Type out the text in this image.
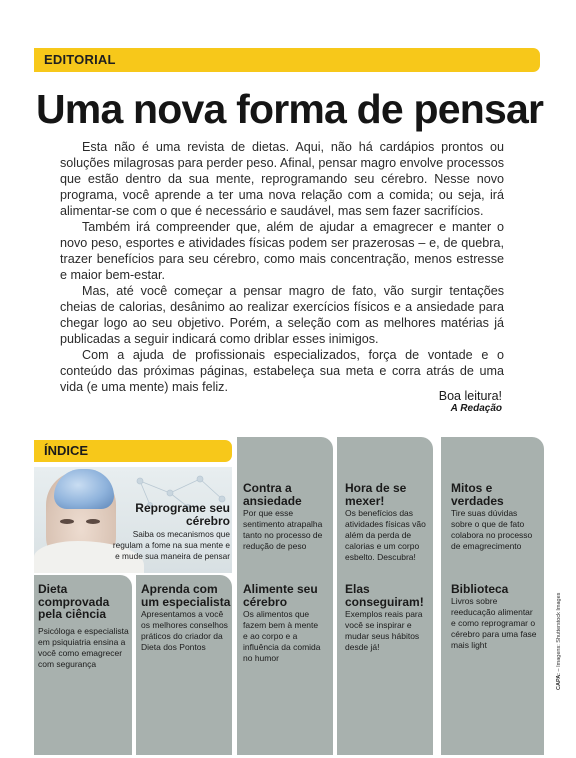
EDITORIAL
Uma nova forma de pensar

Esta não é uma revista de dietas. Aqui, não há cardápios prontos ou soluções milagrosas para perder peso. Afinal, pensar magro envolve processos que estão dentro da sua mente, reprogramando seu cérebro. Nesse novo programa, você aprende a ter uma nova relação com a comida; ou seja, irá alimentar-se com o que é necessário e saudável, mas sem fazer sacrifícios.

Também irá compreender que, além de ajudar a emagrecer e manter o novo peso, esportes e atividades físicas podem ser prazerosas – e, de quebra, trazer benefícios para seu cérebro, como mais concentração, menos estresse e maior bem-estar.

Mas, até você começar a pensar magro de fato, vão surgir tentações cheias de calorias, desânimo ao realizar exercícios físicos e a ansiedade para chegar logo ao seu objetivo. Porém, a seleção com as melhores matérias já publicadas a seguir indicará como driblar esses inimigos.

Com a ajuda de profissionais especializados, força de vontade e o conteúdo das próximas páginas, estabeleça sua meta e corra atrás de uma vida (e uma mente) mais feliz.

Boa leitura!
A Redação
ÍNDICE
Reprograme seu
cérebro
Saiba os mecanismos que
regulam a fome na sua mente e
e mude sua maneira de pensar
Contra a ansiedade
Por que esse sentimento atrapalha tanto no processo de redução de peso
Hora de se mexer!
Os benefícios das atividades físicas vão além da perda de calorias e um corpo esbelto. Descubra!
Mitos e verdades
Tire suas dúvidas sobre o que de fato colabora no processo de emagrecimento
Dieta comprovada pela ciência
Psicóloga e especialista em psiquiatria ensina a você como emagrecer com segurança
Aprenda com um especialista
Apresentamos a você os melhores conselhos práticos do criador da Dieta dos Pontos
Alimente seu cérebro
Os alimentos que fazem bem à mente e ao corpo e a influência da comida no humor
Elas conseguiram!
Exemplos reais para você se inspirar e mudar seus hábitos desde já!
Biblioteca
Livros sobre reeducação alimentar e como reprogramar o cérebro para uma fase mais light
CAPA: – Imagens: Shutterstock Images
